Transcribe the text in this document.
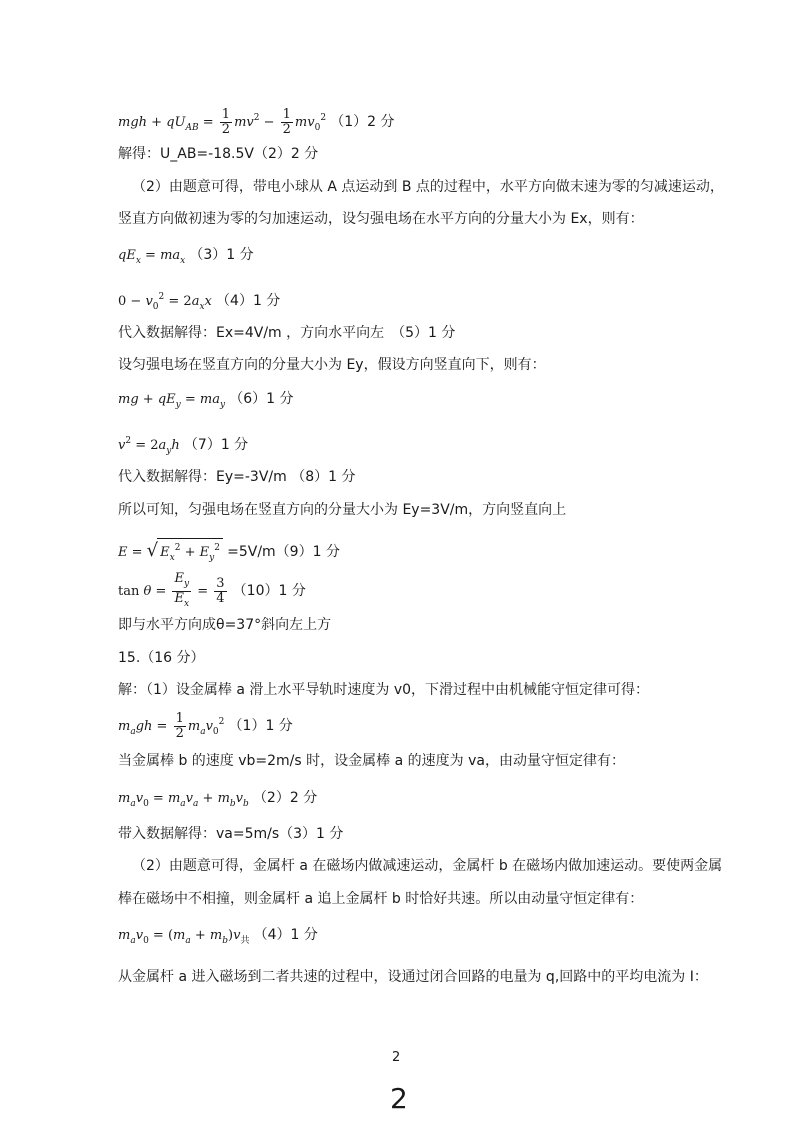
mgh + $qU_{AB} = \frac{1}{2} mv^2 - \frac{1}{2} mv_0^2$ （1）2 分
解得：U_AB=-18.5V（2）2 分
（2）由题意可得，带电小球从 A 点运动到 B 点的过程中，水平方向做末速为零的匀减速运动，
竖直方向做初速为零的匀加速运动，设匀强电场在水平方向的分量大小为 Ex，则有：
$qE_x = ma_x$ （3）1 分
$0 - v_0^2 = 2a_xx$ （4）1 分
代入数据解得：Ex=4V/m ，方向水平向左　（5）1 分
设匀强电场在竖直方向的分量大小为 Ey，假设方向竖直向下，则有：
mg + $qE_y = ma_y$ （6）1 分
$v^2 = 2a_yh$ （7）1 分
代入数据解得：Ey=-3V/m （8）1 分
所以可知，匀强电场在竖直方向的分量大小为 Ey=3V/m，方向竖直向上
E = √ $E_x^2 + E_y^2 =5V/m(9)1$ 分
$\tan \theta = \frac{E_y}{E_x} = \frac{3}{4} (10)1$ 分
即与水平方向成θ=37°斜向左上方
15.（16 分）
解：（1）设金属棒 a 滑上水平导轨时速度为 v0，下滑过程中由机械能守恒定律可得：
$m_agh = \frac{1}{2} m_av_0^2$ （1）1 分
当金属棒 b 的速度 vb=2m/s 时，设金属棒 a 的速度为 va，由动量守恒定律有：
$m_av_0 = m_av_a + m_bv_b$ （2）2 分
带入数据解得：va=5m/s（3）1 分
（2）由题意可得，金属杆 a 在磁场内做减速运动，金属杆 b 在磁场内做加速运动。要使两金属
棒在磁场中不相撞，则金属杆 a 追上金属杆 b 时恰好共速。所以由动量守恒定律有：
$m_av_0 = (m_a + m_b)v_共$ （4）1 分
从金属杆 a 进入磁场到二者共速的过程中，设通过闭合回路的电量为 q,回路中的平均电流为 I：
2
2
